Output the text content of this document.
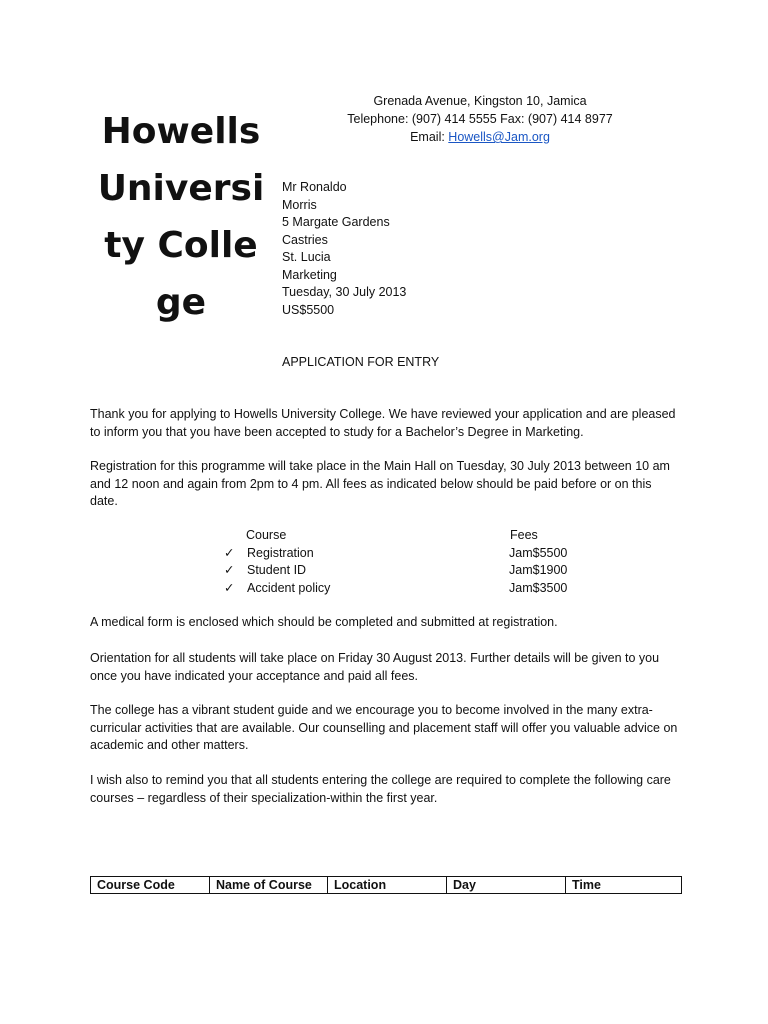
Howells University College
Grenada Avenue, Kingston 10, Jamica
Telephone: (907) 414 5555 Fax: (907) 414 8977
Email: Howells@Jam.org
Mr Ronaldo
Morris
5 Margate Gardens
Castries
St. Lucia
Marketing
Tuesday, 30 July 2013
US$5500
APPLICATION FOR ENTRY

Thank you for applying to Howells University College. We have reviewed your application and are pleased to inform you that you have been accepted to study for a Bachelor’s Degree in Marketing.

Registration for this programme will take place in the Main Hall on Tuesday, 30 July 2013 between 10 am and 12 noon and again from 2pm to 4 pm. All fees as indicated below should be paid before or on this date.

Course	Fees
✓ Registration	Jam$5500
✓ Student ID	Jam$1900
✓ Accident policy	Jam$3500

A medical form is enclosed which should be completed and submitted at registration.

Orientation for all students will take place on Friday 30 August 2013. Further details will be given to you once you have indicated your acceptance and paid all fees.

The college has a vibrant student guide and we encourage you to become involved in the many extra-curricular activities that are available. Our counselling and placement staff will offer you valuable advice on academic and other matters.

I wish also to remind you that all students entering the college are required to complete the following care courses – regardless of their specialization-within the first year.

Course Code	Name of Course	Location	Day	Time
